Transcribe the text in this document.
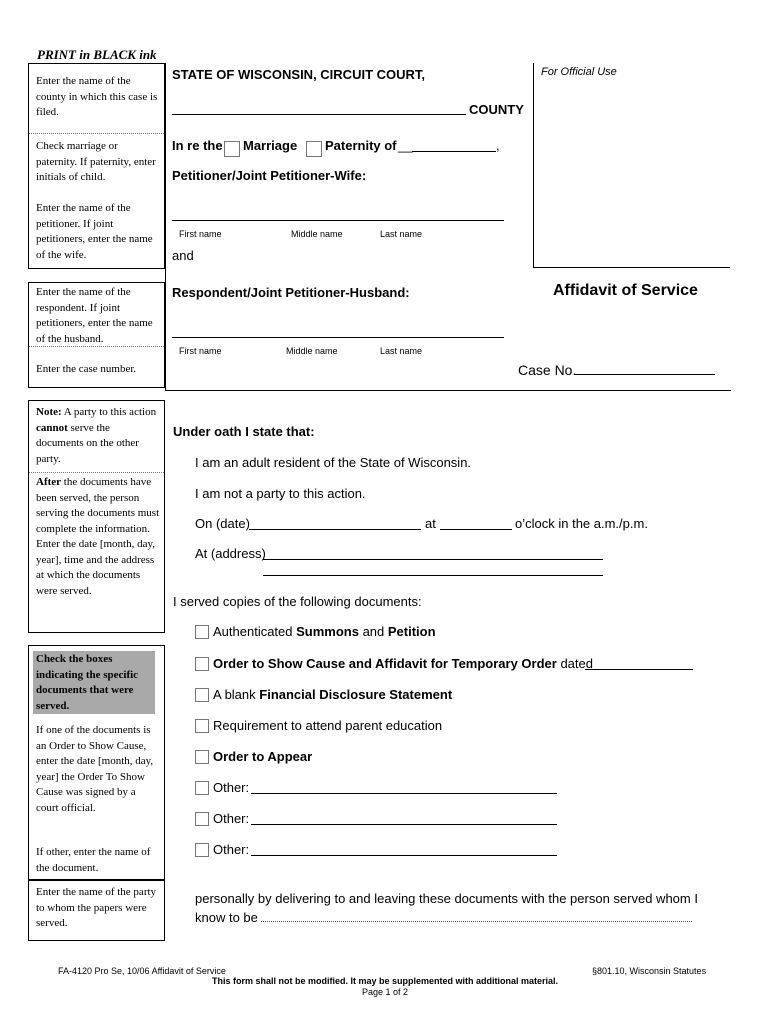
PRINT in BLACK ink
For Official Use
Enter the name of the county in which this case is filed.
Check marriage or paternity. If paternity, enter initials of child.
Enter the name of the petitioner. If joint petitioners, enter the name of the wife.
Enter the name of the respondent. If joint petitioners, enter the name of the husband.
Enter the case number.
Note: A party to this action cannot serve the documents on the other party.
After the documents have been served, the person serving the documents must complete the information. Enter the date [month, day, year], time and the address at which the documents were served.
Check the boxes indicating the specific documents that were served.
If one of the documents is an Order to Show Cause, enter the date [month, day, year] the Order To Show Cause was signed by a court official.
If other, enter the name of the document.
Enter the name of the party to whom the papers were served.
STATE OF WISCONSIN, CIRCUIT COURT,
COUNTY
In re the Marriage Paternity of __	,
Petitioner/Joint Petitioner-Wife:
First name	Middle name	Last name
and
Respondent/Joint Petitioner-Husband:	Affidavit of Service
First name	Middle name	Last name
Case No.
Under oath I state that:
I am an adult resident of the State of Wisconsin.
I am not a party to this action.
On (date)	at	o’clock in the a.m./p.m.
At (address)
I served copies of the following documents:
Authenticated Summons and Petition
Order to Show Cause and Affidavit for Temporary Order dated
A blank Financial Disclosure Statement
Requirement to attend parent education
Order to Appear
Other:
Other:
Other:
personally by delivering to and leaving these documents with the person served whom I
know to be
FA-4120 Pro Se, 10/06 Affidavit of Service	§801.10, Wisconsin Statutes
This form shall not be modified. It may be supplemented with additional material.
Page 1 of 2
